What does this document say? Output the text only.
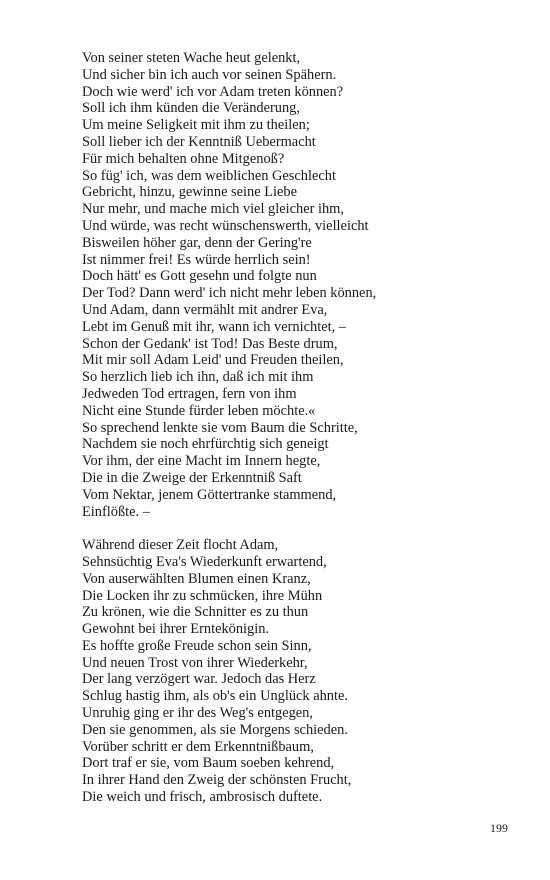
Von seiner steten Wache heut gelenkt,
Und sicher bin ich auch vor seinen Spähern.
Doch wie werd' ich vor Adam treten können?
Soll ich ihm künden die Veränderung,
Um meine Seligkeit mit ihm zu theilen;
Soll lieber ich der Kenntniß Uebermacht
Für mich behalten ohne Mitgenoß?
So füg' ich, was dem weiblichen Geschlecht
Gebricht, hinzu, gewinne seine Liebe
Nur mehr, und mache mich viel gleicher ihm,
Und würde, was recht wünschenswerth, vielleicht
Bisweilen höher gar, denn der Gering're
Ist nimmer frei! Es würde herrlich sein!
Doch hätt' es Gott gesehn und folgte nun
Der Tod? Dann werd' ich nicht mehr leben können,
Und Adam, dann vermählt mit andrer Eva,
Lebt im Genuß mit ihr, wann ich vernichtet, –
Schon der Gedank' ist Tod! Das Beste drum,
Mit mir soll Adam Leid' und Freuden theilen,
So herzlich lieb ich ihn, daß ich mit ihm
Jedweden Tod ertragen, fern von ihm
Nicht eine Stunde fürder leben möchte.«
So sprechend lenkte sie vom Baum die Schritte,
Nachdem sie noch ehrfürchtig sich geneigt
Vor ihm, der eine Macht im Innern hegte,
Die in die Zweige der Erkenntniß Saft
Vom Nektar, jenem Göttertranke stammend,
Einflößte. –
Während dieser Zeit flocht Adam,
Sehnsüchtig Eva's Wiederkunft erwartend,
Von auserwählten Blumen einen Kranz,
Die Locken ihr zu schmücken, ihre Mühn
Zu krönen, wie die Schnitter es zu thun
Gewohnt bei ihrer Erntekönigin.
Es hoffte große Freude schon sein Sinn,
Und neuen Trost von ihrer Wiederkehr,
Der lang verzögert war. Jedoch das Herz
Schlug hastig ihm, als ob's ein Unglück ahnte.
Unruhig ging er ihr des Weg's entgegen,
Den sie genommen, als sie Morgens schieden.
Vorüber schritt er dem Erkenntnißbaum,
Dort traf er sie, vom Baum soeben kehrend,
In ihrer Hand den Zweig der schönsten Frucht,
Die weich und frisch, ambrosisch duftete.
199
